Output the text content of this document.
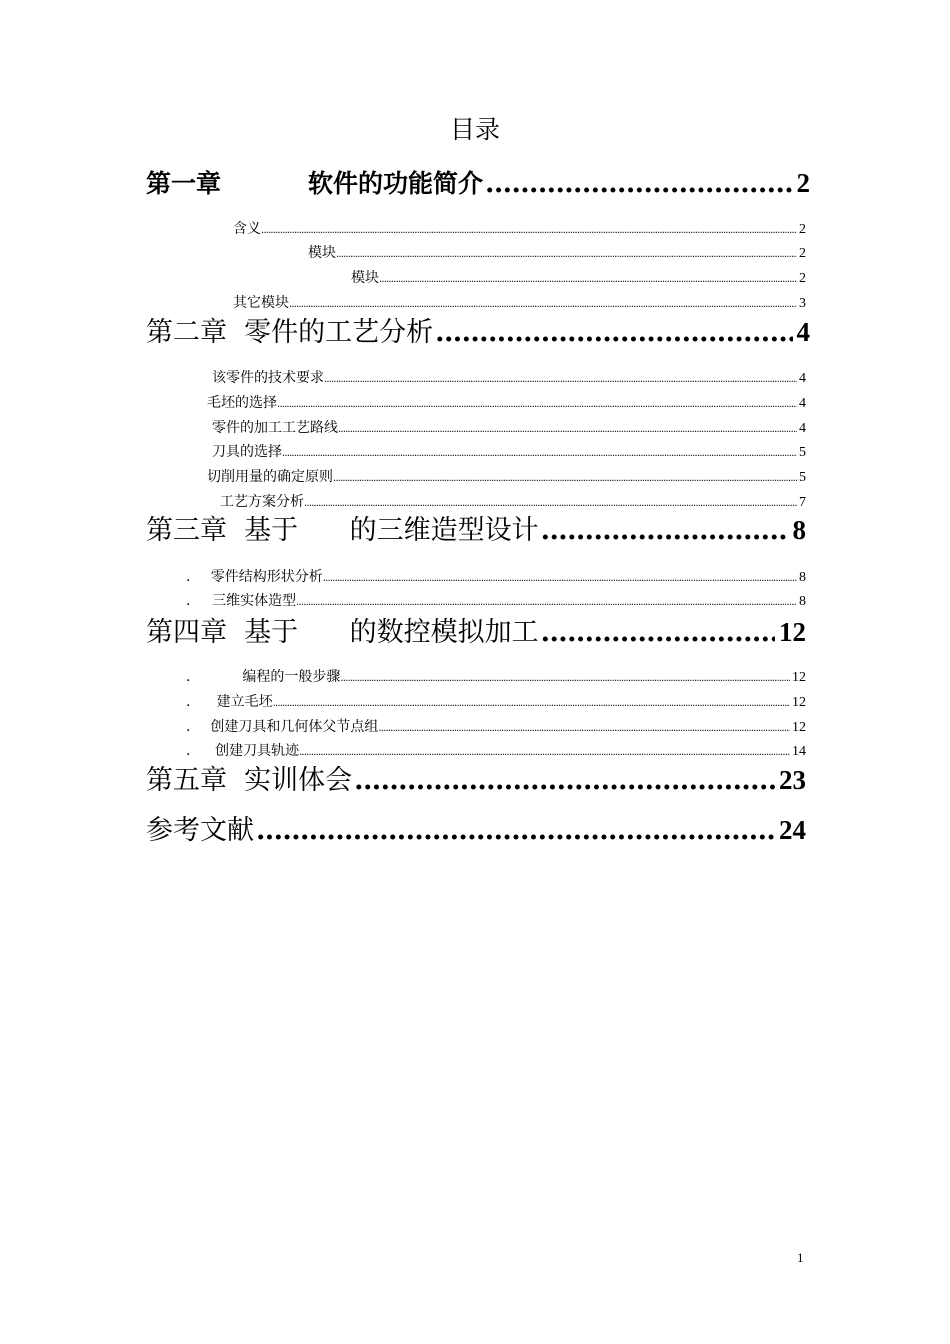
目录
第一章          软件的功能简介 . . .	2
含义 . . .	2
模块 . . .	2
模块 . . .	2
其它模块 . . .	3
第二章  零件的工艺分析 . . .	4
该零件的技术要求 . . .	4
毛坯的选择 . . .	4
零件的加工工艺路线 . . .	4
刀具的选择 . . .	5
切削用量的确定原则 . . .	5
工艺方案分析 . . .	7
第三章  基于      的三维造型设计 . . .	8
.	零件结构形状分析 . . .	8
.	三维实体造型 . . .	8
第四章  基于      的数控模拟加工 . . .	12
.	编程的一般步骤 . . .	12
.	建立毛坯 . . .	12
.	创建刀具和几何体父节点组 . . .	12
.	创建刀具轨迹 . . .	14
第五章  实训体会 . . .	23
参考文献 . . .	24
1
